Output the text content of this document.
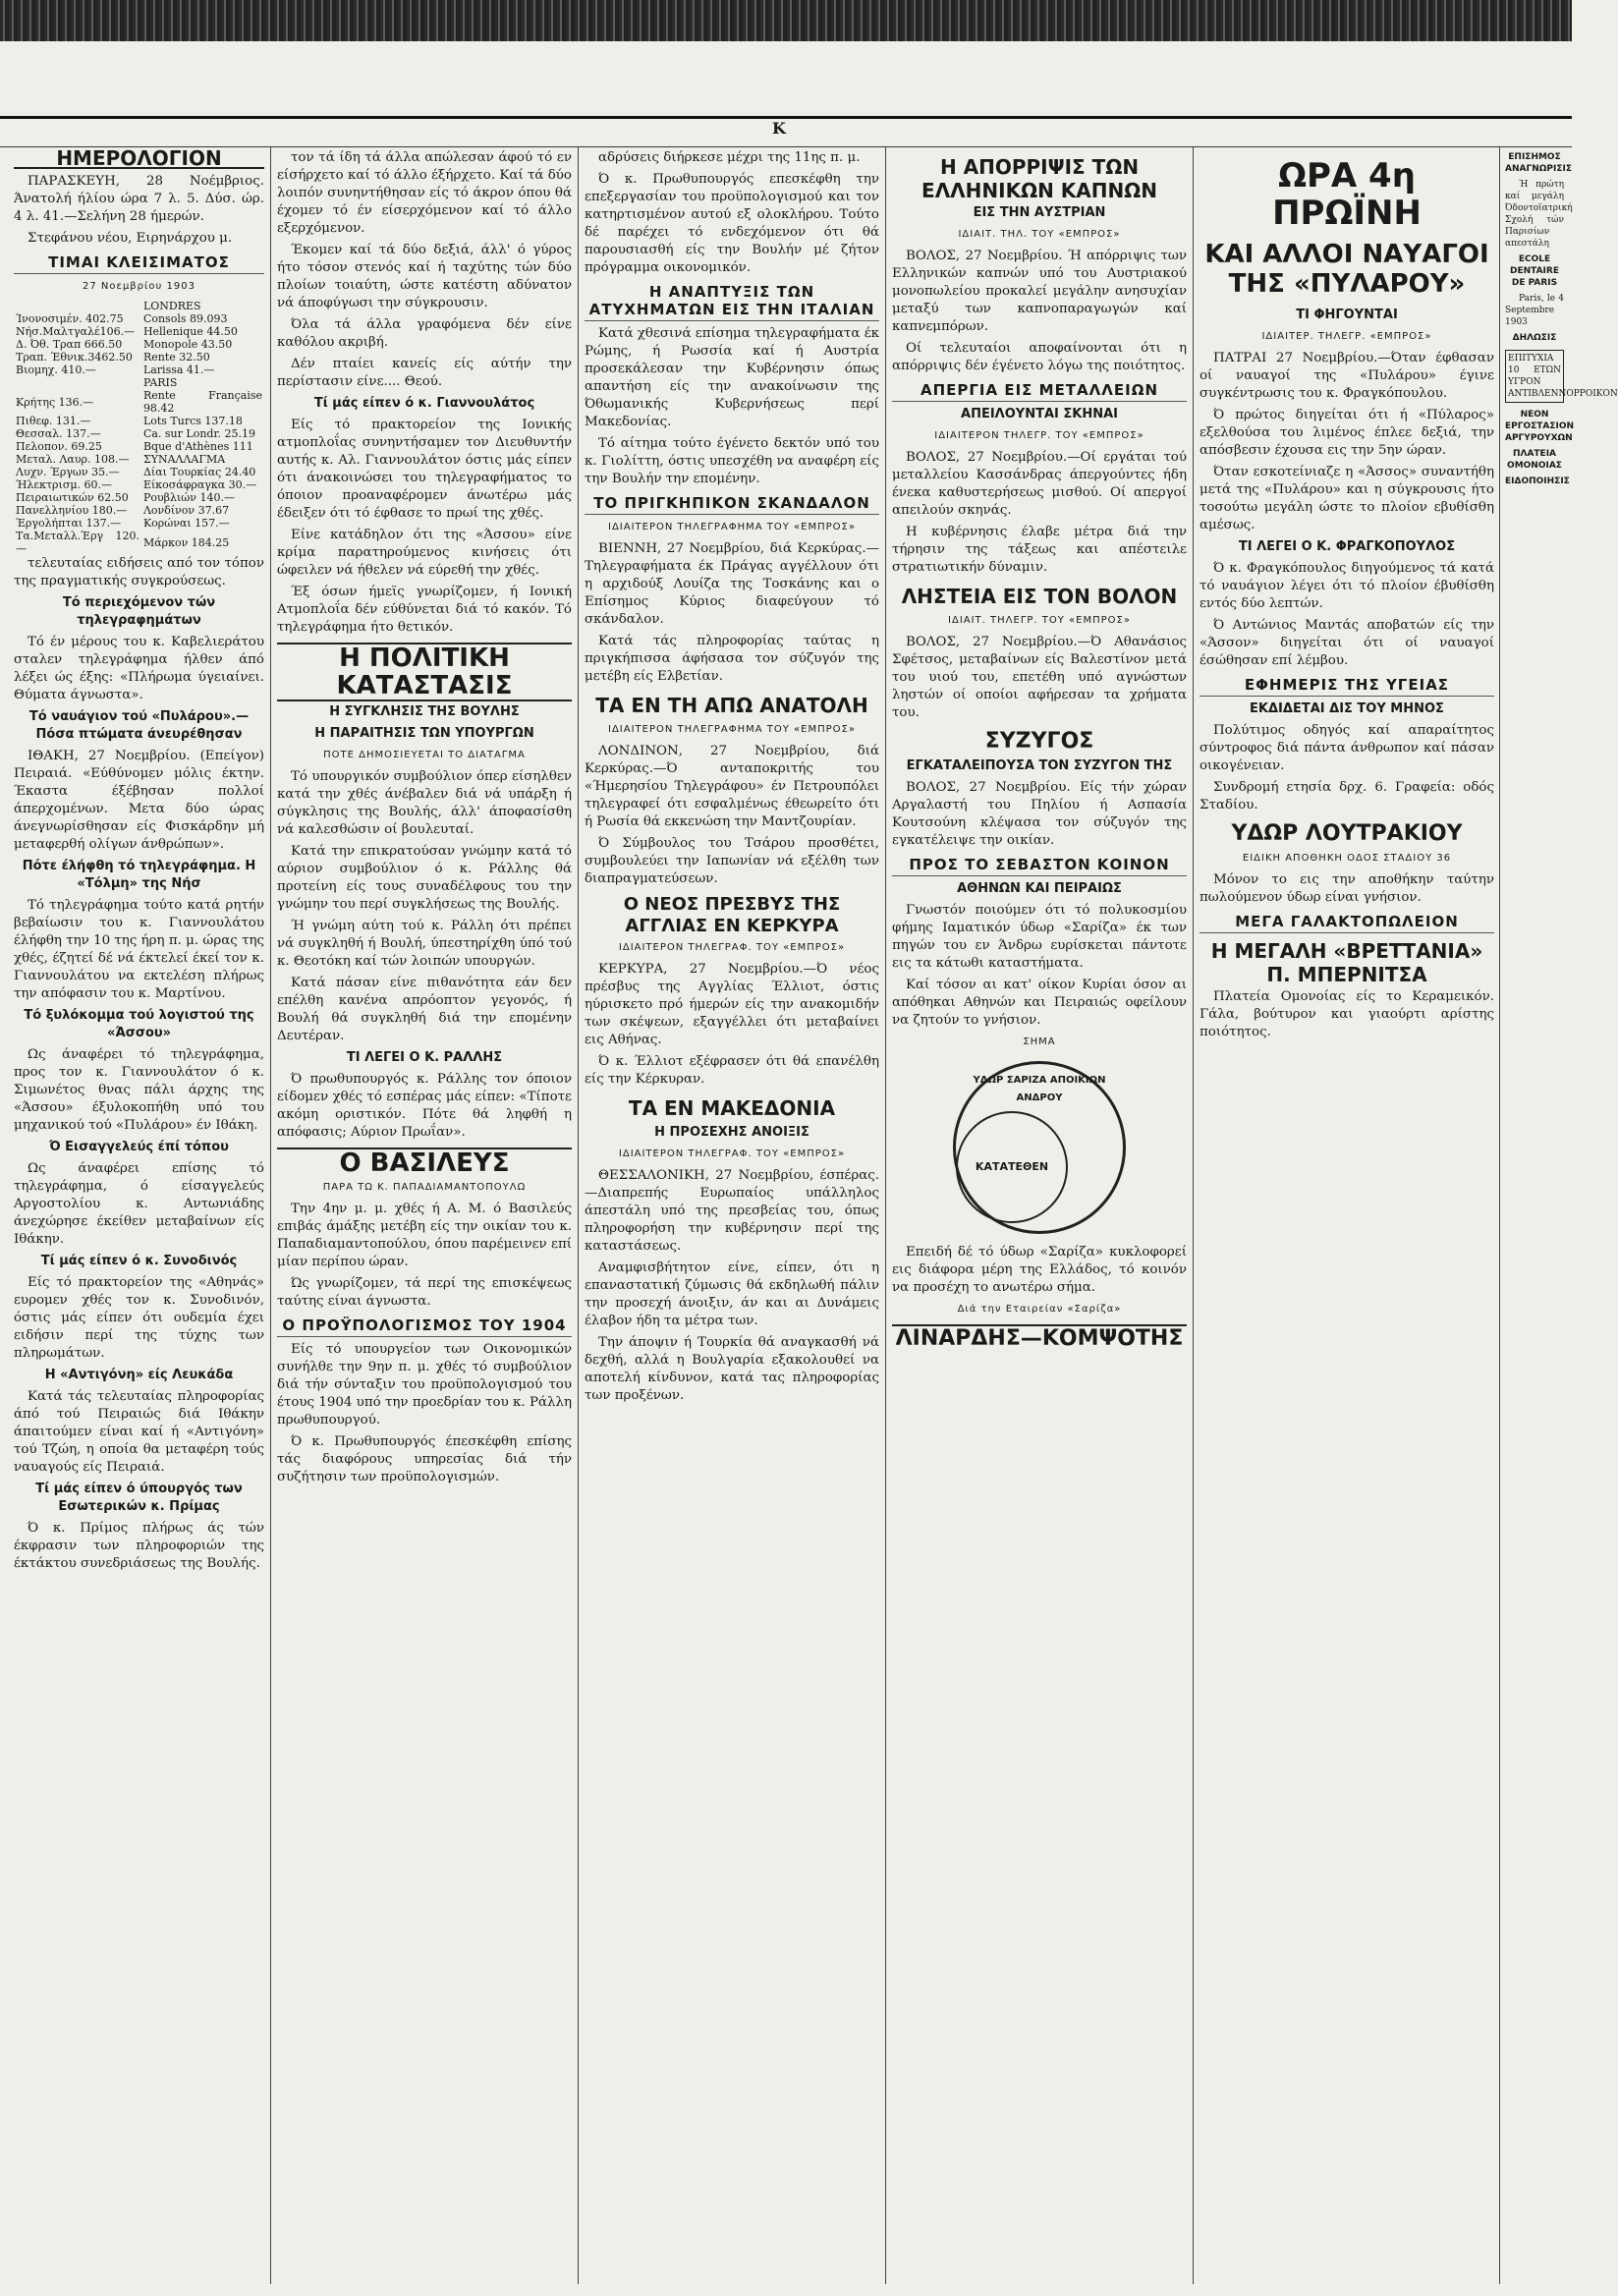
Κ
ΗΜΕΡΟΛΟΓΙΟΝ

ΠΑΡΑΣΚΕΥΗ, 28 Νοέμβριος. Άνατολή ήλίου ώρα 7 λ. 5. Δύσ. ώρ. 4 λ. 41.—Σελήνη 28 ήμερών.

Στεφάνου νέου, Ειρηνάρχου μ.

ΤΙΜΑΙ ΚΛΕΙΣΙΜΑΤΟΣ
27 Νοεμβρίου 1903
	LONDRES
Ίνονοσιμέν. 402.75	Consols 89.093
Νήσ.Μαλτγαλέ106.—	Hellenique 44.50
Δ. Όθ. Τραπ 666.50	Monopole 43.50
Τραπ. Έθνικ.3462.50	Rente 32.50
Βιομηχ. 410.—	Larissa 41.—
	PARIS
Κρήτης 136.—	Rente Française 98.42
Πιθεφ. 131.—	Lots Turcs 137.18
Θεσσαλ. 137.—	Ca. sur Londr. 25.19
Πελοπον. 69.25	Bque d'Athènes 111
Μεταλ. Λαυρ. 108.—	ΣΥΝΑΛΛΑΓΜΑ
Λυχν. Έργων 35.—	Δίαι Τουρκίας 24.40
Ήλεκτρισμ. 60.—	Είκοσάφραγκα 30.—
Πειραιωτικών 62.50	Ρουβλιών 140.—
Πανελληνίου 180.—	Λονδίνον 37.67
Έργολήπται 137.—	Κορώναι 157.—
Τα.Μεταλλ.Έργ 120.—	Μάρκον 184.25

τελευταίας ειδήσεις από τον τόπον της πραγματικής συγκρούσεως.

Τό περιεχόμενον τών τηλεγραφημάτων

Τό έν μέρους του κ. Καβελιεράτου σταλεν τηλεγράφημα ήλθεν άπό λέξει ώς έξης: «Πλήρωμα ύγειαίνει. Θύματα άγνωστα».

Τό ναυάγιον τού «Πυλάρου».—Πόσα πτώματα άνευρέθησαν

ΙΘΑΚΗ, 27 Νοεμβρίου. (Επείγον) Πειραιά. «Εύθύνομεν μόλις έκτην. Έκαστα έξέβησαν πολλοί άπερχομένων. Μετα δύο ώρας άνεγνωρίσθησαν είς Φισκάρδην μή μεταφερθή ολίγων άνθρώπων».

Πότε έλήφθη τό τηλεγράφημα. Η «Τόλμη» της Νήσ

Τό τηλεγράφημα τούτο κατά ρητήν βεβαίωσιν του κ. Γιαννουλάτου έλήφθη την 10 της ήρη π. μ. ώρας της χθές, έζητεί δέ νά έκτελεί έκεί τον κ. Γιαννουλάτου να εκτελέση πλήρως την απόφασιν του κ. Μαρτίνου.

Τό ξυλόκομμα τού λογιστού της «Άσσου»

Ως άναφέρει τό τηλεγράφημα, προς τον κ. Γιαννουλάτον ό κ. Σιμωνέτος θνας πάλι άρχης της «Άσσου» έξυλοκοπήθη υπό του μηχανικού τού «Πυλάρου» έν Ιθάκη.

Ό Εισαγγελεύς έπί τόπου

Ως άναφέρει επίσης τό τηλεγράφημα, ό είσαγγελεύς Αργοστολίου κ. Αντωνιάδης άνεχώρησε έκείθεν μεταβαίνων είς Ιθάκην.

Τί μάς είπεν ό κ. Συνοδινός

Είς τό πρακτορείον της «Αθηνάς» ευρομεν χθές τον κ. Συνοδινόν, όστις μάς είπεν ότι ουδεμία έχει ειδήσιν περί της τύχης των πληρωμάτων.

Η «Αντιγόνη» είς Λευκάδα

Κατά τάς τελευταίας πληροφορίας άπό τού Πειραιώς διά Ιθάκην άπαιτούμεν είναι καί ή «Αντιγόνη» τού Τζώη, η οποία θα μεταφέρη τούς ναυαγούς είς Πειραιά.

Τί μάς είπεν ό ύπουργός των Εσωτερικών κ. Πρίμας

Ό κ. Πρίμος πλήρως άς τών έκφρασιν των πληροφοριών της έκτάκτου συνεδριάσεως της Βουλής.

τον τά ίδη τά άλλα απώλεσαν άφού τό εν είσήρχετο καί τό άλλο έξήρχετο. Καί τά δύο λοιπόν συνηντήθησαν είς τό άκρον όπου θά έχομεν τό έν είσερχόμενον καί τό άλλο εξερχόμενον.

Έκομεν καί τά δύο δεξιά, άλλ' ό γύρος ήτο τόσον στενός καί ή ταχύτης τών δύο πλοίων τοιαύτη, ώστε κατέστη αδύνατον νά άποφύγωσι την σύγκρουσιν.

Όλα τά άλλα γραφόμενα δέν είνε καθόλου ακριβή.

Δέν πταίει κανείς είς αύτήν την περίστασιν είνε.... Θεού.

Τί μάς είπεν ό κ. Γιαννουλάτος

Είς τό πρακτορείον της Ιονικής ατμοπλοΐας συνηντήσαμεν τον Διευθυντήν αυτής κ. Αλ. Γιαννουλάτον όστις μάς είπεν ότι άνακοινώσει του τηλεγραφήματος το όποιον προαναφέρομεν άνωτέρω μάς έδειξεν ότι τό έφθασε το πρωί της χθές.

Είνε κατάδηλον ότι της «Άσσου» είνε κρίμα παρατηρούμενος κινήσεις ότι ώφειλεν νά ήθελεν νά εύρεθή την χθές.

Έξ όσων ήμεϊς γνωρίζομεν, ή Ιονική Ατμοπλοΐα δέν εύθύνεται διά τό κακόν. Τό τηλεγράφημα ήτο θετικόν.

Η ΠΟΛΙΤΙΚΗ ΚΑΤΑΣΤΑΣΙΣ
Η ΣΥΓΚΛΗΣΙΣ ΤΗΣ ΒΟΥΛΗΣ
Η ΠΑΡΑΙΤΗΣΙΣ ΤΩΝ ΥΠΟΥΡΓΩΝ
ΠΟΤΕ ΔΗΜΟΣΙΕΥΕΤΑΙ ΤΟ ΔΙΑΤΑΓΜΑ

Τό υπουργικόν συμβούλιον όπερ είσηλθεν κατά την χθές άνέβαλεν διά νά υπάρξη ή σύγκλησις της Βουλής, άλλ' άποφασίσθη νά καλεσθώσιν οί βουλευταί.

Κατά την επικρατούσαν γνώμην κατά τό αύριον συμβούλιον ό κ. Ράλλης θά προτείνη είς τους συναδέλφους του την γνώμην του περί συγκλήσεως της Βουλής.

Ή γνώμη αύτη τού κ. Ράλλη ότι πρέπει νά συγκληθή ή Βουλή, ύπεστηρίχθη ύπό τού κ. Θεοτόκη καί τών λοιπών υπουργών.

Κατά πάσαν είνε πιθανότητα εάν δεν επέλθη κανένα απρόοπτον γεγονός, ή Βουλή θά συγκληθή διά την επομένην Δευτέραν.

ΤΙ ΛΕΓΕΙ Ο Κ. ΡΑΛΛΗΣ

Ό πρωθυπουργός κ. Ράλλης τον όποιον είδομεν χθές τό εσπέρας μάς είπεν: «Τίποτε ακόμη οριστικόν. Πότε θά ληφθή η απόφασις; Αύριον Πρωΐαν».

Ο ΒΑΣΙΛΕΥΣ
ΠΑΡΑ ΤΩ Κ. ΠΑΠΑΔΙΑΜΑΝΤΟΠΟΥΛΩ

Την 4ην μ. μ. χθές ή Α. Μ. ό Βασιλεύς επιβάς άμάξης μετέβη είς την οικίαν του κ. Παπαδιαμαντοπούλου, όπου παρέμεινεν επί μίαν περίπου ώραν.

Ώς γνωρίζομεν, τά περί της επισκέψεως ταύτης είναι άγνωστα.

Ο ΠΡΟΫΠΟΛΟΓΙΣΜΟΣ ΤΟΥ 1904

Είς τό υπουργείον των Οικονομικών συνήλθε την 9ην π. μ. χθές τό συμβούλιον διά τήν σύνταξιν του προϋπολογισμού του έτους 1904 υπό την προεδρίαν του κ. Ράλλη πρωθυπουργού.

Ό κ. Πρωθυπουργός έπεσκέφθη επίσης τάς διαφόρους υπηρεσίας διά τήν συζήτησιν των προϋπολογισμών.

αδρύσεις διήρκεσε μέχρι της 11ης π. μ.

Ό κ. Πρωθυπουργός επεσκέφθη την επεξεργασίαν του προϋπολογισμού και τον κατηρτισμένον αυτού εξ ολοκλήρου. Τούτο δέ παρέχει τό ενδεχόμενον ότι θά παρουσιασθή είς την Βουλήν μέ ζήτον πρόγραμμα οικονομικόν.

Η ΑΝΑΠΤΥΞΙΣ ΤΩΝ ΑΤΥΧΗΜΑΤΩΝ ΕΙΣ ΤΗΝ ΙΤΑΛΙΑΝ

Κατά χθεσινά επίσημα τηλεγραφήματα έκ Ρώμης, ή Ρωσσία καί ή Αυστρία προσεκάλεσαν την Κυβέρνησιν όπως απαντήση είς την ανακοίνωσιν της Όθωμανικής Κυβερνήσεως περί Μακεδονίας.

Τό αίτημα τούτο έγένετο δεκτόν υπό του κ. Γιολίττη, όστις υπεσχέθη να αναφέρη είς την Βουλήν την επομένην.

ΤΟ ΠΡΙΓΚΗΠΙΚΟΝ ΣΚΑΝΔΑΛΟΝ
ΙΔΙΑΙΤΕΡΟΝ ΤΗΛΕΓΡΑΦΗΜΑ ΤΟΥ «ΕΜΠΡΟΣ»

ΒΙΕΝΝΗ, 27 Νοεμβρίου, διά Κερκύρας.—Τηλεγραφήματα έκ Πράγας αγγέλλουν ότι η αρχιδούξ Λουίζα της Τοσκάνης και ο Επίσημος Κύριος διαφεύγουν τό σκάνδαλον.

Κατά τάς πληροφορίας ταύτας η πριγκήπισσα άφήσασα τον σύζυγόν της μετέβη είς Ελβετίαν.

ΤΑ ΕΝ ΤΗ ΑΠΩ ΑΝΑΤΟΛΗ
ΙΔΙΑΙΤΕΡΟΝ ΤΗΛΕΓΡΑΦΗΜΑ ΤΟΥ «ΕΜΠΡΟΣ»

ΛΟΝΔΙΝΟΝ, 27 Νοεμβρίου, διά Κερκύρας.—Ό ανταποκριτής του «Ήμερησίου Τηλεγράφου» έν Πετρουπόλει τηλεγραφεί ότι εσφαλμένως έθεωρείτο ότι ή Ρωσία θά εκκενώση την Μαντζουρίαν.

Ό Σύμβουλος του Τσάρου προσθέτει, συμβουλεύει την Ιαπωνίαν νά εξέλθη των διαπραγματεύσεων.

Ο ΝΕΟΣ ΠΡΕΣΒΥΣ ΤΗΣ ΑΓΓΛΙΑΣ ΕΝ ΚΕΡΚΥΡΑ
ΙΔΙΑΙΤΕΡΟΝ ΤΗΛΕΓΡΑΦ. ΤΟΥ «ΕΜΠΡΟΣ»

ΚΕΡΚΥΡΑ, 27 Νοεμβρίου.—Ό νέος πρέσβυς της Αγγλίας Έλλιοτ, όστις ηύρισκετο πρό ήμερών είς την ανακομιδήν των σκέψεων, εξαγγέλλει ότι μεταβαίνει εις Αθήνας.

Ό κ. Έλλιοτ εξέφρασεν ότι θά επανέλθη είς την Κέρκυραν.

ΤΑ ΕΝ ΜΑΚΕΔΟΝΙΑ
Η ΠΡΟΣΕΧΗΣ ΑΝΟΙΞΙΣ
ΙΔΙΑΙΤΕΡΟΝ ΤΗΛΕΓΡΑΦ. ΤΟΥ «ΕΜΠΡΟΣ»

ΘΕΣΣΑΛΟΝΙΚΗ, 27 Νοεμβρίου, έσπέρας.—Διαπρεπής Ευρωπαίος υπάλληλος άπεστάλη υπό της πρεσβείας του, όπως πληροφορήση την κυβέρνησιν περί της καταστάσεως.

Αναμφισβήτητον είνε, είπεν, ότι η επαναστατική ζύμωσις θά εκδηλωθή πάλιν την προσεχή άνοιξιν, άν και αι Δυνάμεις έλαβον ήδη τα μέτρα των.

Την άποψιν ή Τουρκία θά αναγκασθή νά δεχθή, αλλά η Βουλγαρία εξακολουθεί να αποτελή κίνδυνον, κατά τας πληροφορίας των προξένων.

Η ΑΠΟΡΡΙΨΙΣ ΤΩΝ ΕΛΛΗΝΙΚΩΝ ΚΑΠΝΩΝ
ΕΙΣ ΤΗΝ ΑΥΣΤΡΙΑΝ
ΙΔΙΑΙΤ. ΤΗΛ. ΤΟΥ «ΕΜΠΡΟΣ»

ΒΟΛΟΣ, 27 Νοεμβρίου. Ή απόρριψις των Ελληνικών καπνών υπό του Αυστριακού μονοπωλείου προκαλεί μεγάλην ανησυχίαν μεταξύ των καπνοπαραγωγών καί καπνεμπόρων.

Οί τελευταίοι αποφαίνονται ότι η απόρριψις δέν έγένετο λόγω της ποιότητος.

ΑΠΕΡΓΙΑ ΕΙΣ ΜΕΤΑΛΛΕΙΩΝ
ΑΠΕΙΛΟΥΝΤΑΙ ΣΚΗΝΑΙ
ΙΔΙΑΙΤΕΡΟΝ ΤΗΛΕΓΡ. ΤΟΥ «ΕΜΠΡΟΣ»

ΒΟΛΟΣ, 27 Νοεμβρίου.—Οί εργάται τού μεταλλείου Κασσάνδρας άπεργούντες ήδη ένεκα καθυστερήσεως μισθού. Οί απεργοί απειλούν σκηνάς.

Η κυβέρνησις έλαβε μέτρα διά την τήρησιν της τάξεως και απέστειλε στρατιωτικήν δύναμιν.

ΛΗΣΤΕΙΑ ΕΙΣ ΤΟΝ ΒΟΛΟΝ
ΙΔΙΑΙΤ. ΤΗΛΕΓΡ. ΤΟΥ «ΕΜΠΡΟΣ»

ΒΟΛΟΣ, 27 Νοεμβρίου.—Ό Αθανάσιος Σφέτσος, μεταβαίνων είς Βαλεστίνον μετά του υιού του, επετέθη υπό αγνώστων ληστών οί οποίοι αφήρεσαν τα χρήματα του.

ΣΥΖΥΓΟΣ
ΕΓΚΑΤΑΛΕΙΠΟΥΣΑ ΤΟΝ ΣΥΖΥΓΟΝ ΤΗΣ

ΒΟΛΟΣ, 27 Νοεμβρίου. Είς τήν χώραν Αργαλαστή του Πηλίου ή Ασπασία Κουτσούνη κλέψασα τον σύζυγόν της εγκατέλειψε την οικίαν.

ΠΡΟΣ ΤΟ ΣΕΒΑΣΤΟΝ ΚΟΙΝΟΝ
ΑΘΗΝΩΝ ΚΑΙ ΠΕΙΡΑΙΩΣ

Γνωστόν ποιούμεν ότι τό πολυκοσμίου φήμης Ιαματικόν ύδωρ «Σαρίζα» έκ των πηγών του εν Άνδρω ευρίσκεται πάντοτε εις τα κάτωθι καταστήματα.

Καί τόσον αι κατ' οίκον Κυρίαι όσον αι απόθηκαι Αθηνών και Πειραιώς οφείλουν να ζητούν το γνήσιον.

ΣΗΜΑ
ΥΔΩΡ ΣΑΡΙΖΑ ΑΠΟΙΚΙΩΝ ΑΝΔΡΟΥ
ΚΑΤΑΤΕΘΕΝ

Επειδή δέ τό ύδωρ «Σαρίζα» κυκλοφορεί εις διάφορα μέρη της Ελλάδος, τό κοινόν να προσέχη το ανωτέρω σήμα.

Διά την Εταιρείαν «Σαρίζα»
ΛΙΝΑΡΔΗΣ—ΚΟΜΨΟΤΗΣ
ΩΡΑ 4η ΠΡΩΪΝΗ
ΚΑΙ ΑΛΛΟΙ ΝΑΥΑΓΟΙ ΤΗΣ «ΠΥΛΑΡΟΥ»
ΤΙ ΦΗΓΟΥΝΤΑΙ
ΙΔΙΑΙΤΕΡ. ΤΗΛΕΓΡ. «ΕΜΠΡΟΣ»

ΠΑΤΡΑΙ 27 Νοεμβρίου.—Όταν έφθασαν οί ναυαγοί της «Πυλάρου» έγινε συγκέντρωσις του κ. Φραγκόπουλου.

Ό πρώτος διηγείται ότι ή «Πύλαρος» εξελθούσα του λιμένος έπλεε δεξιά, την απόσβεσιν έχουσα εις την 5ην ώραν.

Όταν εσκοτείνιαζε η «Άσσος» συναντήθη μετά της «Πυλάρου» και η σύγκρουσις ήτο τοσούτω μεγάλη ώστε το πλοίον εβυθίσθη αμέσως.

ΤΙ ΛΕΓΕΙ Ο Κ. ΦΡΑΓΚΟΠΟΥΛΟΣ

Ό κ. Φραγκόπουλος διηγούμενος τά κατά τό ναυάγιον λέγει ότι τό πλοίον έβυθίσθη εντός δύο λεπτών.

Ό Αντώνιος Μαντάς αποβατών είς την «Άσσον» διηγείται ότι οί ναυαγοί έσώθησαν επί λέμβου.

ΕΦΗΜΕΡΙΣ ΤΗΣ ΥΓΕΙΑΣ
ΕΚΔΙΔΕΤΑΙ ΔΙΣ ΤΟΥ ΜΗΝΟΣ

Πολύτιμος οδηγός καί απαραίτητος σύντροφος διά πάντα άνθρωπον καί πάσαν οικογένειαν.

Συνδρομή ετησία δρχ. 6. Γραφεία: οδός Σταδίου.

ΥΔΩΡ ΛΟΥΤΡΑΚΙΟΥ
ΕΙΔΙΚΗ ΑΠΟΘΗΚΗ ΟΔΟΣ ΣΤΑΔΙΟΥ 36

Μόνον το εις την αποθήκην ταύτην πωλούμενον ύδωρ είναι γνήσιον.

ΜΕΓΑ ΓΑΛΑΚΤΟΠΩΛΕΙΟΝ
Η ΜΕΓΑΛΗ «ΒΡΕΤΤΑΝΙΑ» Π. ΜΠΕΡΝΙΤΣΑ

Πλατεία Ομονοίας είς το Κεραμεικόν. Γάλα, βούτυρον και γιαούρτι αρίστης ποιότητος.

ΕΠΙΣΗΜΟΣ ΑΝΑΓΝΩΡΙΣΙΣ

Ή πρώτη καί μεγάλη Όδοντοϊατρική Σχολή τών Παρισίων απεστάλη

ECOLE DENTAIRE DE PARIS

Paris, le 4 Septembre 1903

ΔΗΛΩΣΙΣ
ΕΠΙΤΥΧΙΑ 10 ΕΤΩΝ ΥΓΡΟΝ ΑΝΤΙΒΛΕΝΝΟΡΡΟΙΚΟΝ
ΝΕΟΝ ΕΡΓΟΣΤΑΣΙΟΝ ΑΡΓΥΡΟΥΧΩΝ
ΠΛΑΤΕΙΑ ΟΜΟΝΟΙΑΣ
ΕΙΔΟΠΟΙΗΣΙΣ
